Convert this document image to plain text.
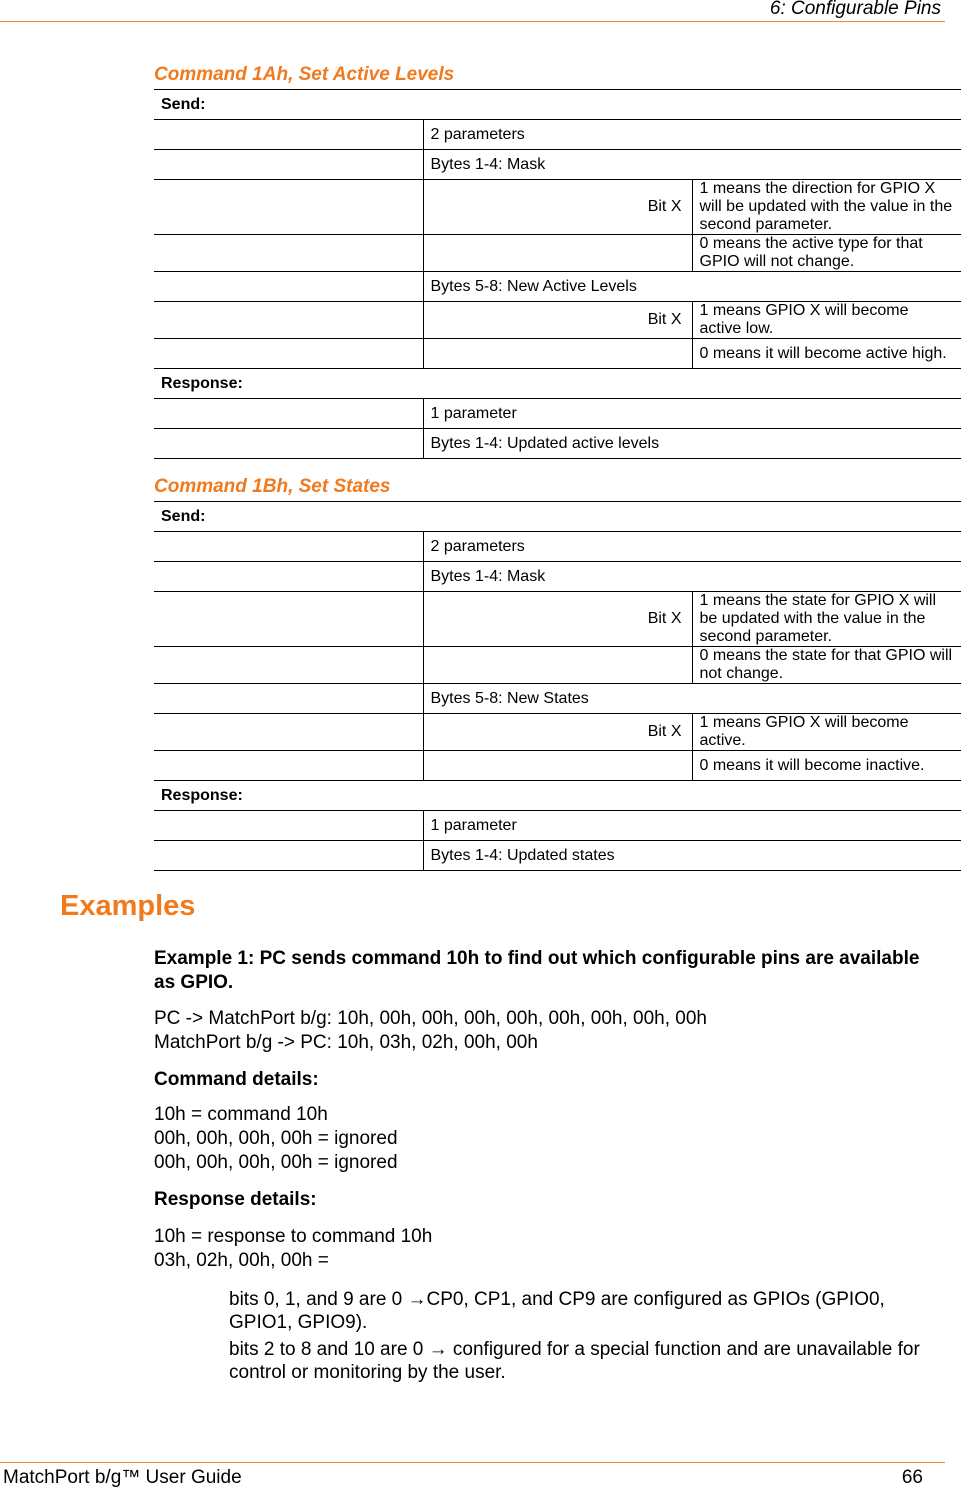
6: Configurable Pins
Command 1Ah, Set Active Levels
Send:		
	2 parameters	
	Bytes 1-4: Mask	
	Bit X	1 means the direction for GPIO X will be updated with the value in the second parameter.
		0 means the active type for that GPIO will not change.
	Bytes 5-8: New Active Levels	
	Bit X	1 means GPIO X will become active low.
		0 means it will become active high.
Response:		
	1 parameter	
	Bytes 1-4: Updated active levels	
Command 1Bh, Set States
Send:		
	2 parameters	
	Bytes 1-4: Mask	
	Bit X	1 means the state for GPIO X will be updated with the value in the second parameter.
		0 means the state for that GPIO will not change.
	Bytes 5-8: New States	
	Bit X	1 means GPIO X will become active.
		0 means it will become inactive.
Response:		
	1 parameter	
	Bytes 1-4: Updated states	
Examples
Example 1: PC sends command 10h to find out which configurable pins are available as GPIO.
PC -> MatchPort b/g: 10h, 00h, 00h, 00h, 00h, 00h, 00h, 00h, 00h
MatchPort b/g -> PC: 10h, 03h, 02h, 00h, 00h
Command details:
10h = command 10h
00h, 00h, 00h, 00h = ignored
00h, 00h, 00h, 00h = ignored
Response details:
10h = response to command 10h
03h, 02h, 00h, 00h =
bits 0, 1, and 9 are 0 →CP0, CP1, and CP9 are configured as GPIOs (GPIO0, GPIO1, GPIO9).
bits 2 to 8 and 10 are 0 → configured for a special function and are unavailable for control or monitoring by the user.
MatchPort b/g™ User Guide	66
